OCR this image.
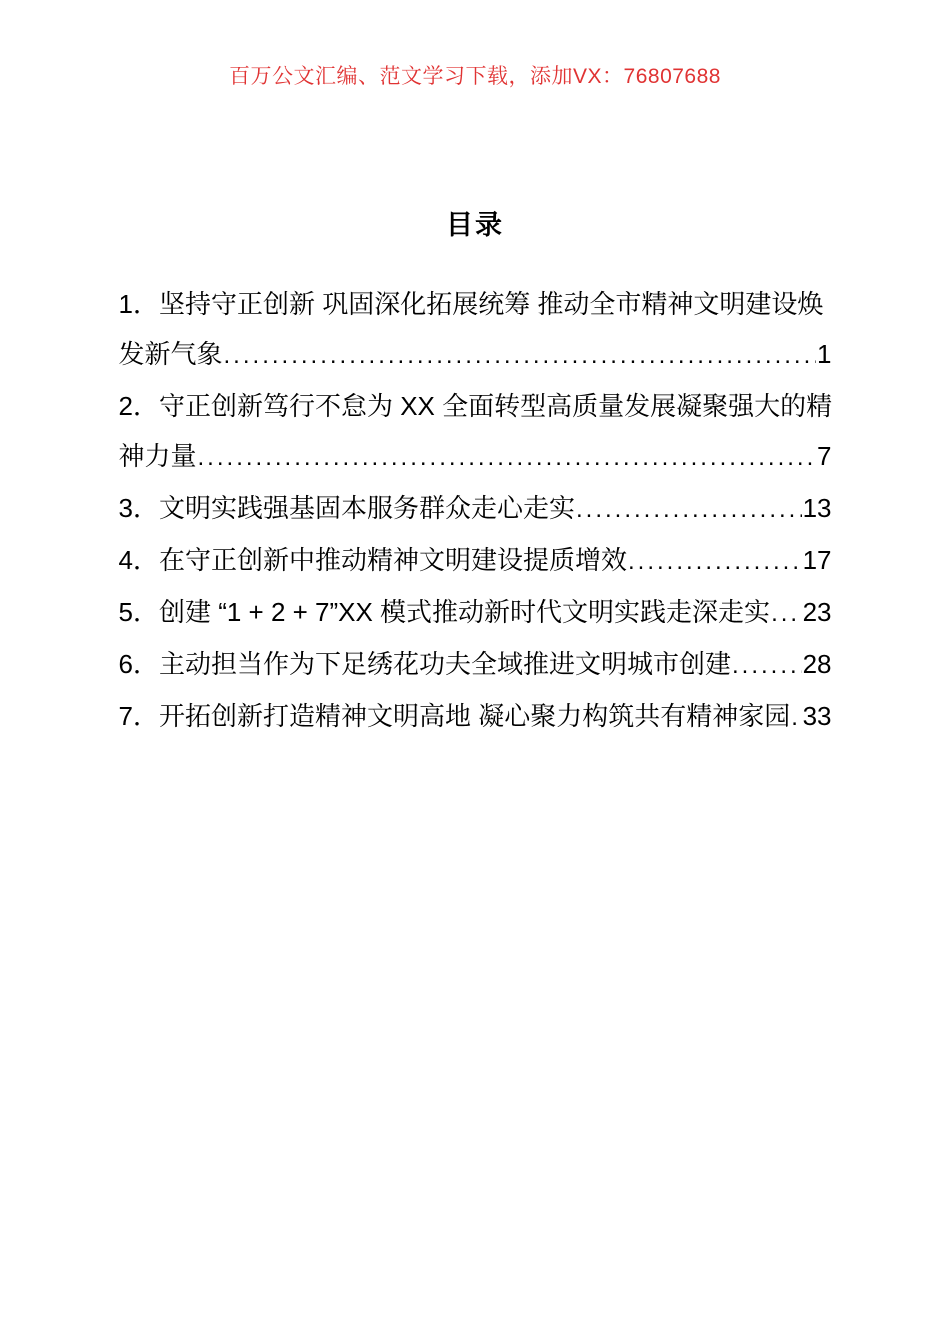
百万公文汇编、范文学习下载，添加VX：76807688
目录
1．坚持守正创新 巩固深化拓展统筹 推动全市精神文明建设焕
发新气象 .....	1
2．守正创新笃行不怠为 XX 全面转型高质量发展凝聚强大的精
神力量 .....	7
3． 文明实践强基固本服务群众走心走实 .....	13
4． 在守正创新中推动精神文明建设提质增效 .....	17
5． 创建 “1 + 2 + 7”XX 模式推动新时代文明实践走深走实 ..... 23
6． 主动担当作为下足绣花功夫全域推进文明城市创建 .....	28
7． 开拓创新打造精神文明高地 凝心聚力构筑共有精神家园 ..... 33
